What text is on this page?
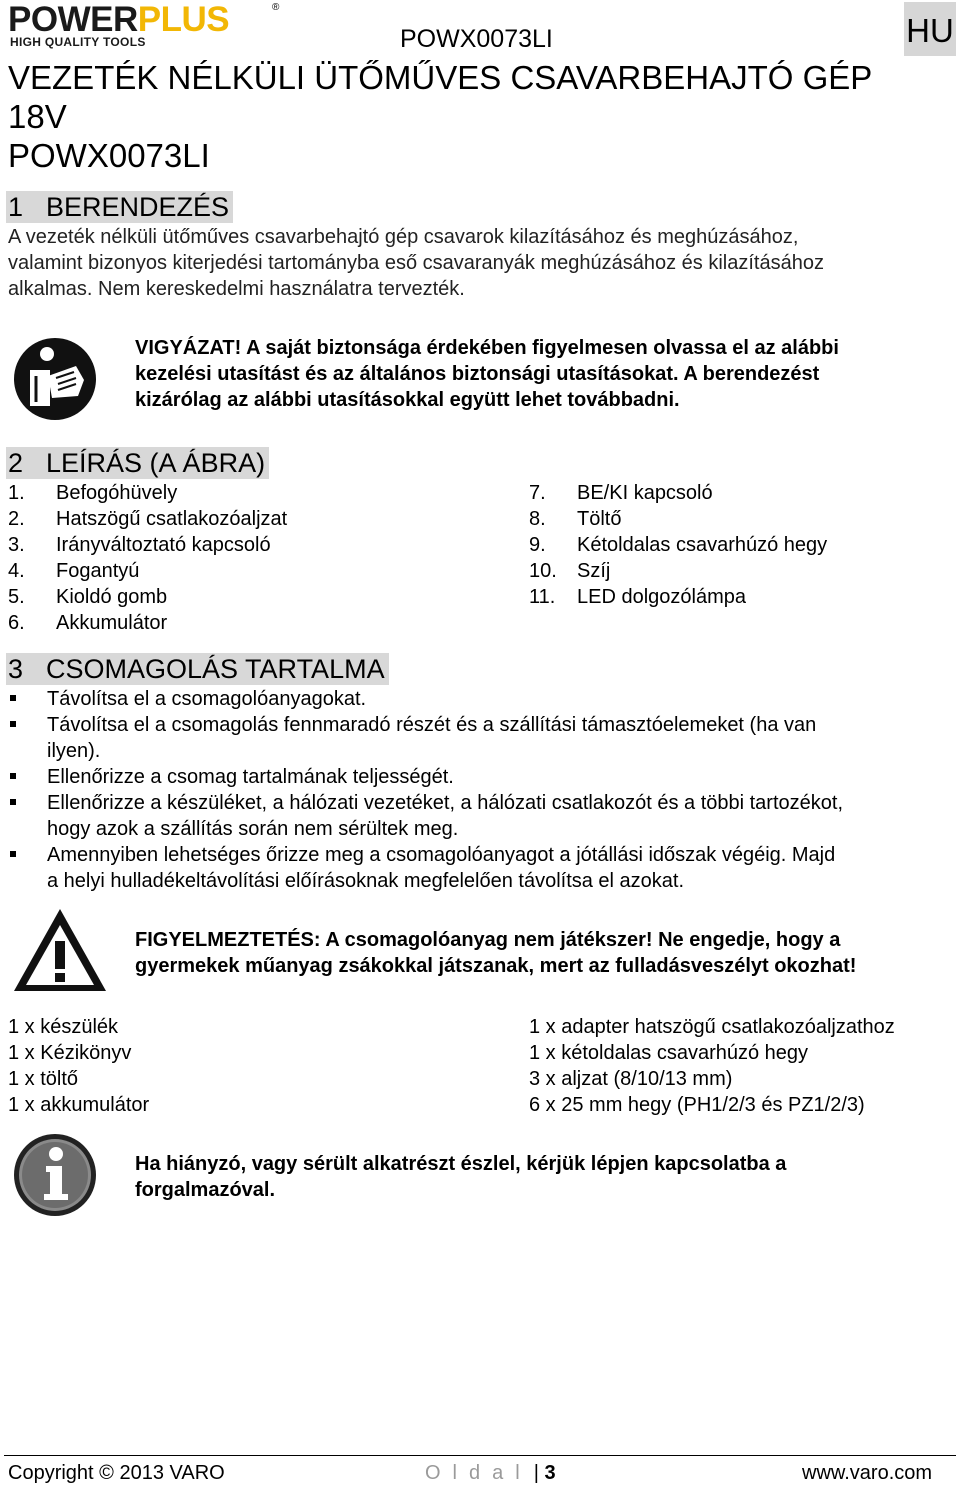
POWERPLUS	®
HIGH QUALITY TOOLS	POWX0073LI	HU
VEZETÉK NÉLKÜLI ÜTŐMŰVES CSAVARBEHAJTÓ GÉP
18V
POWX0073LI
1 BERENDEZÉS
A vezeték nélküli ütőműves csavarbehajtó gép csavarok kilazításához és meghúzásához,
valamint bizonyos kiterjedési tartományba eső csavaranyák meghúzásához és kilazításához
alkalmas. Nem kereskedelmi használatra tervezték.
VIGYÁZAT! A saját biztonsága érdekében figyelmesen olvassa el az alábbi
kezelési utasítást és az általános biztonsági utasításokat. A berendezést
kizárólag az alábbi utasításokkal együtt lehet továbbadni.
2 LEÍRÁS (A ÁBRA)
1. Befogóhüvely
2. Hatszögű csatlakozóaljzat
3. Irányváltoztató kapcsoló
4. Fogantyú
5. Kioldó gomb
6. Akkumulátor
7. BE/KI kapcsoló
8. Töltő
9. Kétoldalas csavarhúzó hegy
10. Szíj
11. LED dolgozólámpa
3 CSOMAGOLÁS TARTALMA
Távolítsa el a csomagolóanyagokat.
Távolítsa el a csomagolás fennmaradó részét és a szállítási támasztóelemeket (ha van
ilyen).
Ellenőrizze a csomag tartalmának teljességét.
Ellenőrizze a készüléket, a hálózati vezetéket, a hálózati csatlakozót és a többi tartozékot,
hogy azok a szállítás során nem sérültek meg.
Amennyiben lehetséges őrizze meg a csomagolóanyagot a jótállási időszak végéig. Majd
a helyi hulladékeltávolítási előírásoknak megfelelően távolítsa el azokat.
FIGYELMEZTETÉS: A csomagolóanyag nem játékszer! Ne engedje, hogy a
gyermekek műanyag zsákokkal játszanak, mert az fulladásveszélyt okozhat!
1 x készülék
1 x Kézikönyv
1 x töltő
1 x akkumulátor
1 x adapter hatszögű csatlakozóaljzathoz
1 x kétoldalas csavarhúzó hegy
3 x aljzat (8/10/13 mm)
6 x 25 mm hegy (PH1/2/3 és PZ1/2/3)
Ha hiányzó, vagy sérült alkatrészt észlel, kérjük lépjen kapcsolatba a
forgalmazóval.
Copyright © 2013 VARO	Oldal | 3	www.varo.com
